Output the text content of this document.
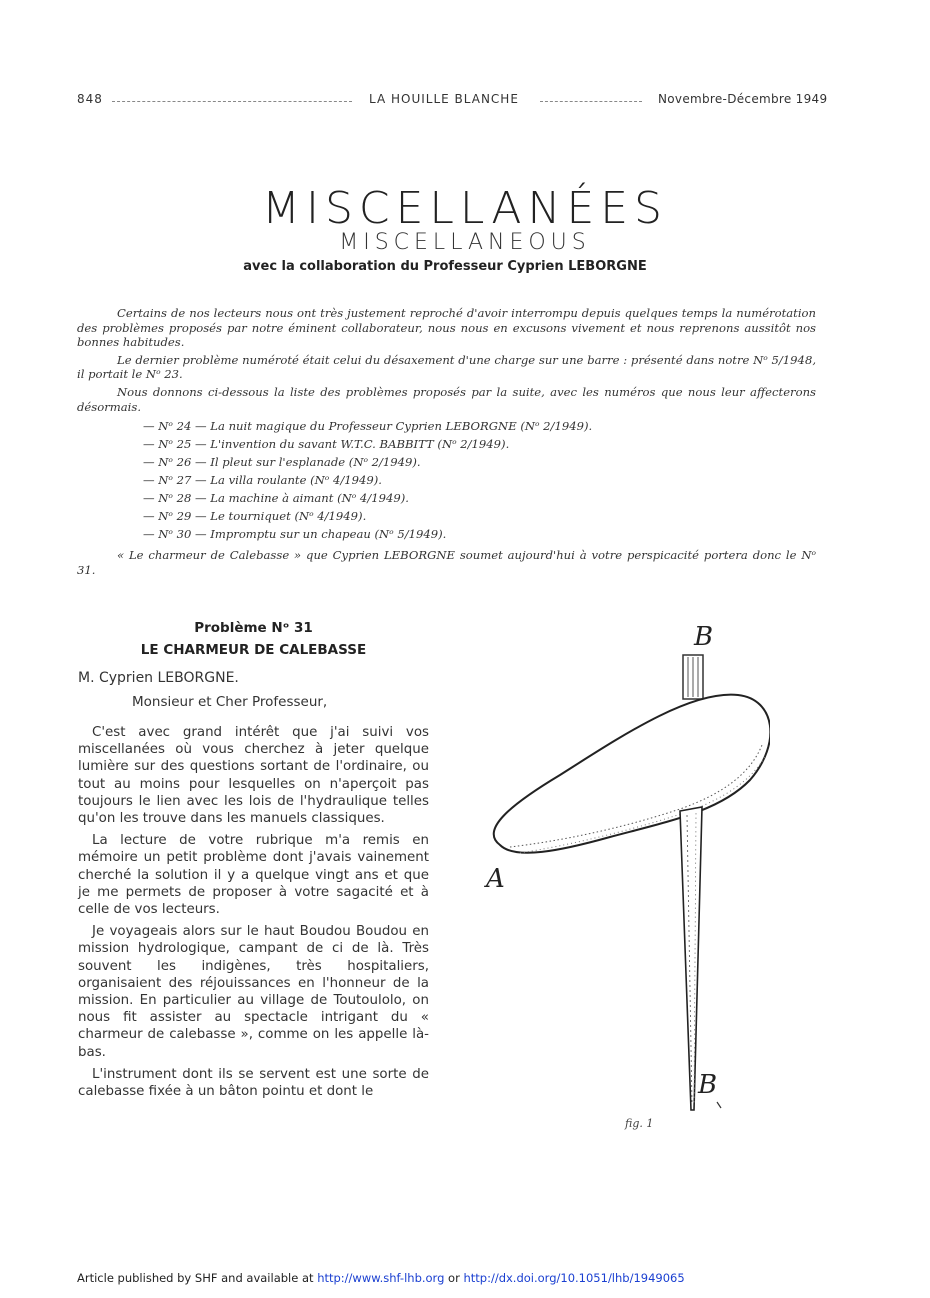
848	LA HOUILLE BLANCHE	Novembre-Décembre 1949
MISCELLANÉES
MISCELLANEOUS
avec la collaboration du Professeur Cyprien LEBORGNE

Certains de nos lecteurs nous ont très justement reproché d'avoir interrompu depuis quelques temps la numérotation des problèmes proposés par notre éminent collaborateur, nous nous en excusons vivement et nous reprenons aussitôt nos bonnes habitudes.

Le dernier problème numéroté était celui du désaxement d'une charge sur une barre : présenté dans notre Nᵒ 5/1948, il portait le Nᵒ 23.

Nous donnons ci-dessous la liste des problèmes proposés par la suite, avec les numéros que nous leur affecterons désormais.

— Nᵒ 24 — La nuit magique du Professeur Cyprien LEBORGNE (Nᵒ 2/1949).
— Nᵒ 25 — L'invention du savant W.T.C. BABBITT (Nᵒ 2/1949).
— Nᵒ 26 — Il pleut sur l'esplanade (Nᵒ 2/1949).
— Nᵒ 27 — La villa roulante (Nᵒ 4/1949).
— Nᵒ 28 — La machine à aimant (Nᵒ 4/1949).
— Nᵒ 29 — Le tourniquet (Nᵒ 4/1949).
— Nᵒ 30 — Impromptu sur un chapeau (Nᵒ 5/1949).

« Le charmeur de Calebasse » que Cyprien LEBORGNE soumet aujourd'hui à votre perspicacité portera donc le Nᵒ 31.

Problème Nᵒ 31
LE CHARMEUR DE CALEBASSE
M. Cyprien LEBORGNE.
Monsieur et Cher Professeur,

C'est avec grand intérêt que j'ai suivi vos miscellanées où vous cherchez à jeter quelque lumière sur des questions sortant de l'ordinaire, ou tout au moins pour lesquelles on n'aperçoit pas toujours le lien avec les lois de l'hydraulique telles qu'on les trouve dans les manuels classiques.

La lecture de votre rubrique m'a remis en mémoire un petit problème dont j'avais vainement cherché la solution il y a quelque vingt ans et que je me permets de proposer à votre sagacité et à celle de vos lecteurs.

Je voyageais alors sur le haut Boudou Boudou en mission hydrologique, campant de ci de là. Très souvent les indigènes, très hospitaliers, organisaient des réjouissances en l'honneur de la mission. En particulier au village de Toutoulolo, on nous fit assister au spectacle intrigant du « charmeur de calebasse », comme on les appelle là-bas.

L'instrument dont ils se servent est une sorte de calebasse fixée à un bâton pointu et dont le

B
A
B
fig. 1
Article published by SHF and available at http://www.shf-lhb.org or http://dx.doi.org/10.1051/lhb/1949065
